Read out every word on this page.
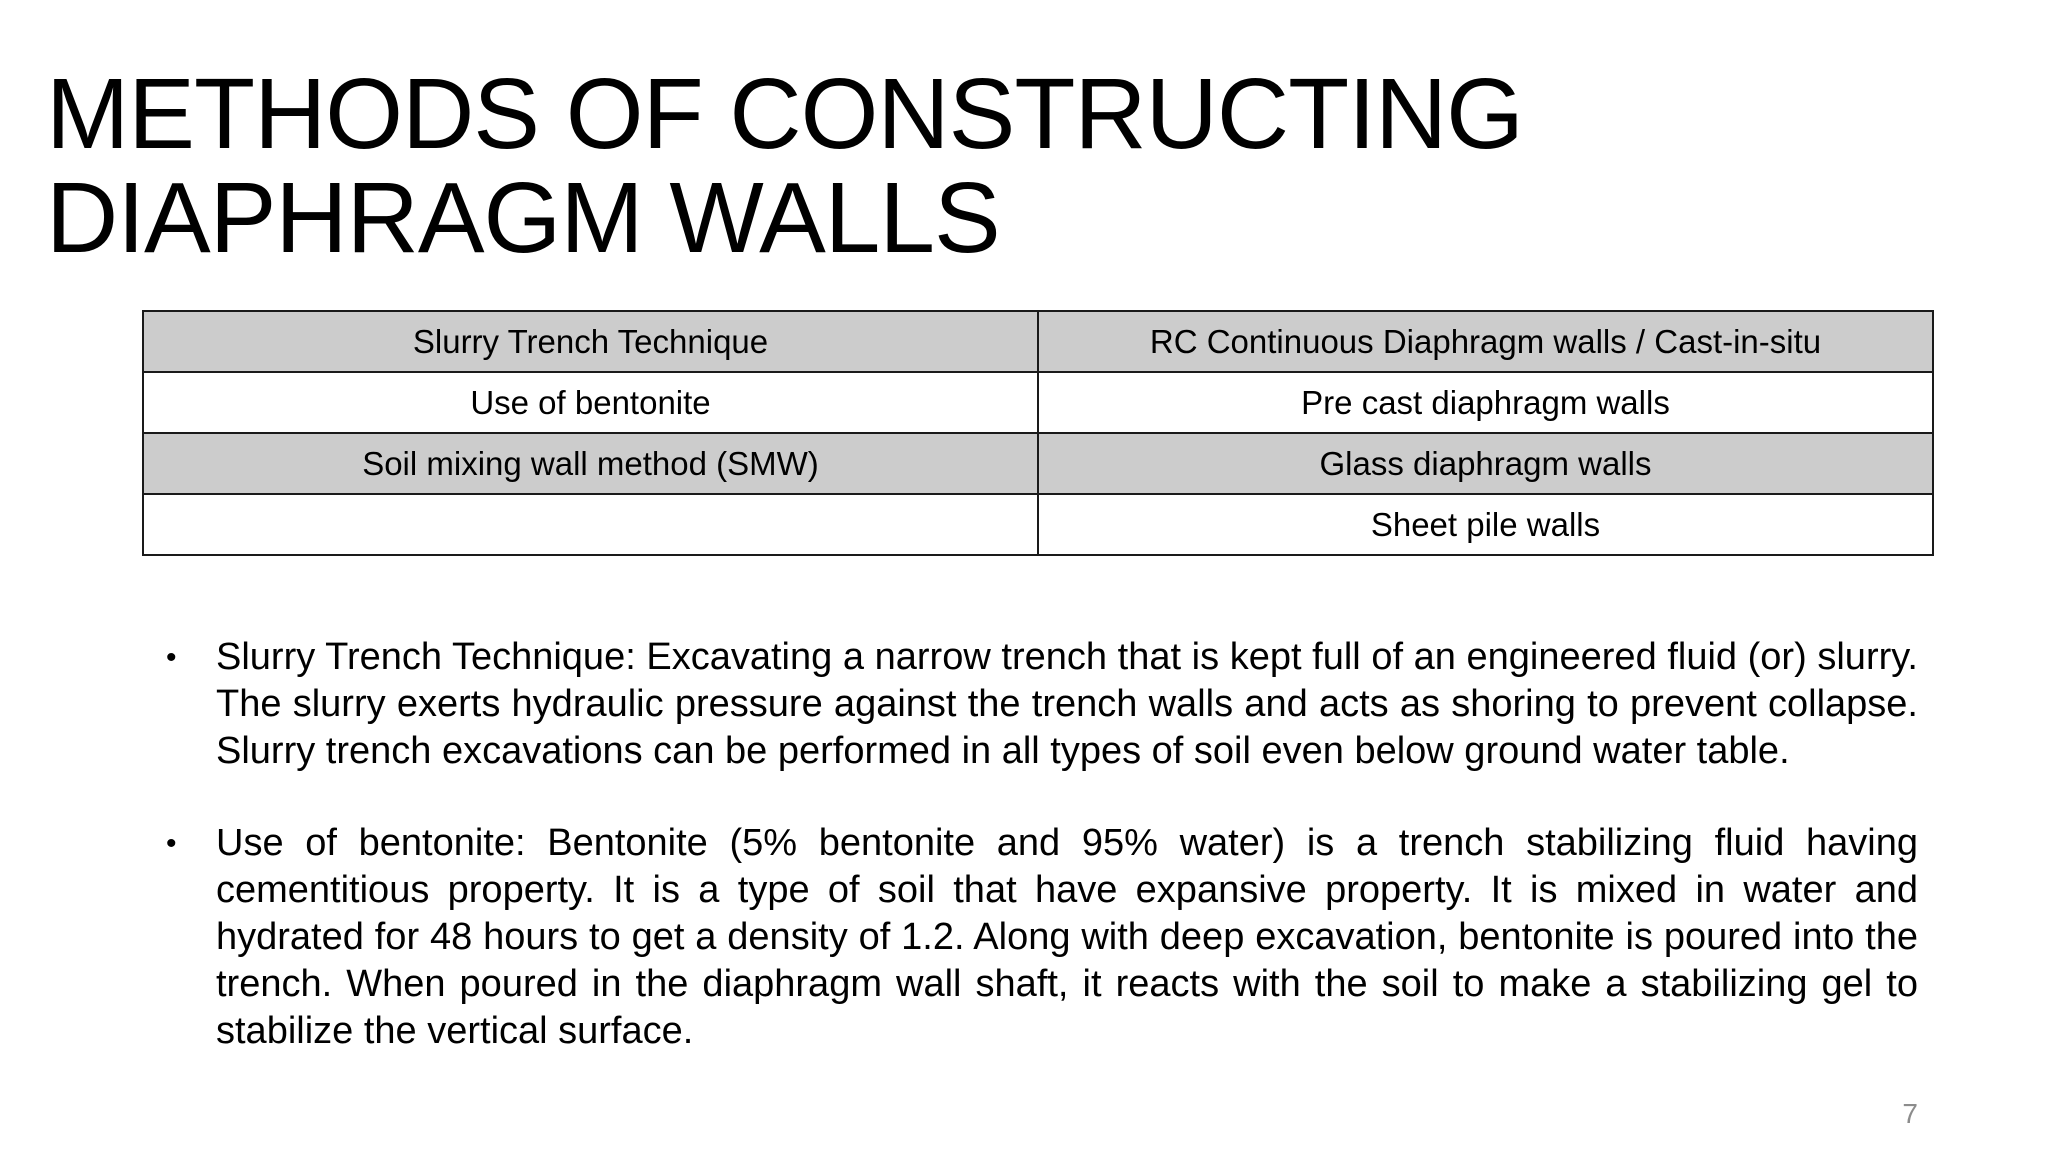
METHODS OF CONSTRUCTING
DIAPHRAGM WALLS
Slurry Trench Technique	RC Continuous Diaphragm walls / Cast-in-situ
Use of bentonite	Pre cast diaphragm walls
Soil mixing wall method (SMW)	Glass diaphragm walls
	Sheet pile walls
• Slurry Trench Technique: Excavating a narrow trench that is kept full of an engineered fluid (or) slurry. The slurry exerts hydraulic pressure against the trench walls and acts as shoring to prevent collapse. Slurry trench excavations can be performed in all types of soil even below ground water table.
• Use of bentonite: Bentonite (5% bentonite and 95% water) is a trench stabilizing fluid having cementitious property. It is a type of soil that have expansive property. It is mixed in water and hydrated for 48 hours to get a density of 1.2. Along with deep excavation, bentonite is poured into the trench. When poured in the diaphragm wall shaft, it reacts with the soil to make a stabilizing gel to stabilize the vertical surface.
7
